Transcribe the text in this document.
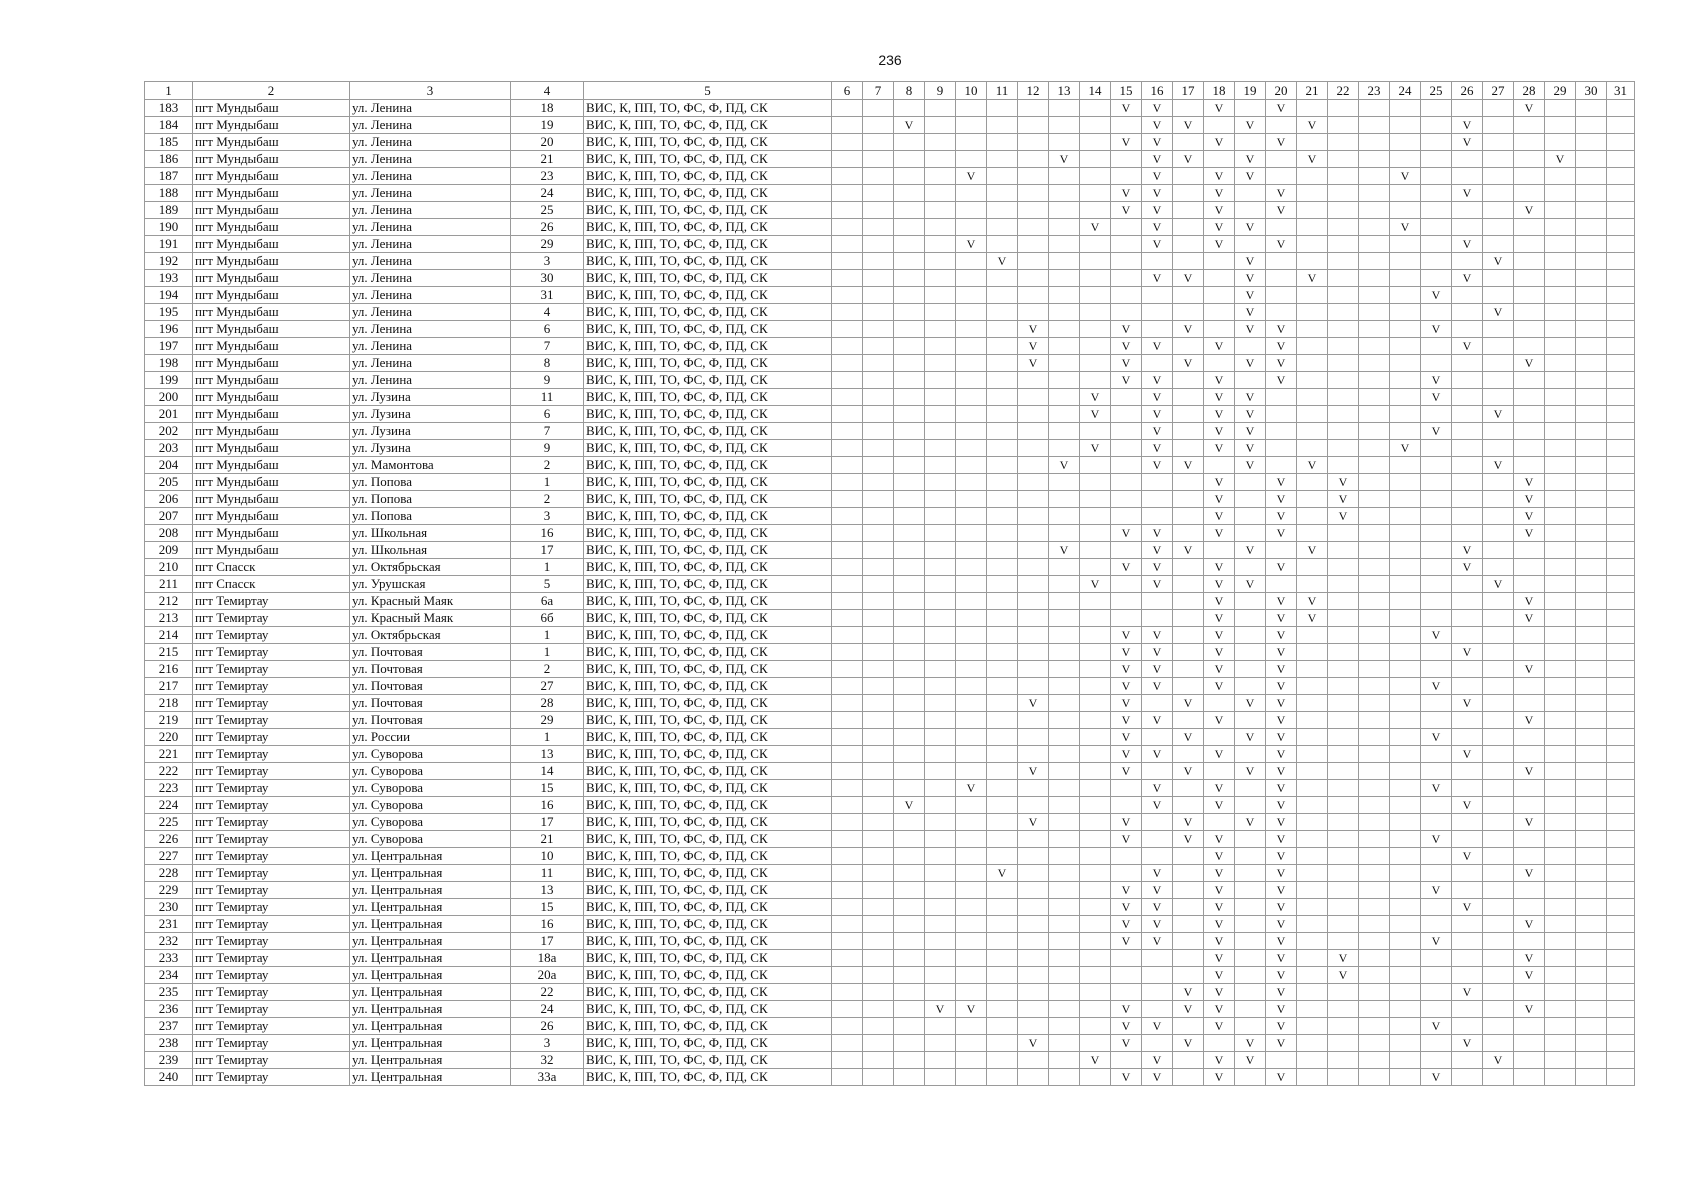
236
1	2	3	4	5	6	7	8	9	10	11	12	13	14	15	16	17	18	19	20	21	22	23	24	25	26	27	28	29	30	31
183	пгт Мундыбаш	ул. Ленина	18	ВИС, К, ПП, ТО, ФС, Ф, ПД, СК										V	V		V		V								V			
184	пгт Мундыбаш	ул. Ленина	19	ВИС, К, ПП, ТО, ФС, Ф, ПД, СК			V								V	V		V		V					V					
185	пгт Мундыбаш	ул. Ленина	20	ВИС, К, ПП, ТО, ФС, Ф, ПД, СК										V	V		V		V						V					
186	пгт Мундыбаш	ул. Ленина	21	ВИС, К, ПП, ТО, ФС, Ф, ПД, СК								V			V	V		V		V								V		
187	пгт Мундыбаш	ул. Ленина	23	ВИС, К, ПП, ТО, ФС, Ф, ПД, СК					V						V		V	V					V							
188	пгт Мундыбаш	ул. Ленина	24	ВИС, К, ПП, ТО, ФС, Ф, ПД, СК										V	V		V		V						V					
189	пгт Мундыбаш	ул. Ленина	25	ВИС, К, ПП, ТО, ФС, Ф, ПД, СК										V	V		V		V								V			
190	пгт Мундыбаш	ул. Ленина	26	ВИС, К, ПП, ТО, ФС, Ф, ПД, СК									V		V		V	V					V							
191	пгт Мундыбаш	ул. Ленина	29	ВИС, К, ПП, ТО, ФС, Ф, ПД, СК					V						V		V		V						V					
192	пгт Мундыбаш	ул. Ленина	3	ВИС, К, ПП, ТО, ФС, Ф, ПД, СК						V								V								V				
193	пгт Мундыбаш	ул. Ленина	30	ВИС, К, ПП, ТО, ФС, Ф, ПД, СК											V	V		V		V					V					
194	пгт Мундыбаш	ул. Ленина	31	ВИС, К, ПП, ТО, ФС, Ф, ПД, СК														V						V						
195	пгт Мундыбаш	ул. Ленина	4	ВИС, К, ПП, ТО, ФС, Ф, ПД, СК														V								V				
196	пгт Мундыбаш	ул. Ленина	6	ВИС, К, ПП, ТО, ФС, Ф, ПД, СК							V			V		V		V	V					V						
197	пгт Мундыбаш	ул. Ленина	7	ВИС, К, ПП, ТО, ФС, Ф, ПД, СК							V			V	V		V		V						V					
198	пгт Мундыбаш	ул. Ленина	8	ВИС, К, ПП, ТО, ФС, Ф, ПД, СК							V			V		V		V	V								V			
199	пгт Мундыбаш	ул. Ленина	9	ВИС, К, ПП, ТО, ФС, Ф, ПД, СК										V	V		V		V					V						
200	пгт Мундыбаш	ул. Лузина	11	ВИС, К, ПП, ТО, ФС, Ф, ПД, СК									V		V		V	V						V						
201	пгт Мундыбаш	ул. Лузина	6	ВИС, К, ПП, ТО, ФС, Ф, ПД, СК									V		V		V	V								V				
202	пгт Мундыбаш	ул. Лузина	7	ВИС, К, ПП, ТО, ФС, Ф, ПД, СК											V		V	V						V						
203	пгт Мундыбаш	ул. Лузина	9	ВИС, К, ПП, ТО, ФС, Ф, ПД, СК									V		V		V	V					V							
204	пгт Мундыбаш	ул. Мамонтова	2	ВИС, К, ПП, ТО, ФС, Ф, ПД, СК								V			V	V		V		V						V				
205	пгт Мундыбаш	ул. Попова	1	ВИС, К, ПП, ТО, ФС, Ф, ПД, СК													V		V		V						V			
206	пгт Мундыбаш	ул. Попова	2	ВИС, К, ПП, ТО, ФС, Ф, ПД, СК													V		V		V						V			
207	пгт Мундыбаш	ул. Попова	3	ВИС, К, ПП, ТО, ФС, Ф, ПД, СК													V		V		V						V			
208	пгт Мундыбаш	ул. Школьная	16	ВИС, К, ПП, ТО, ФС, Ф, ПД, СК										V	V		V		V								V			
209	пгт Мундыбаш	ул. Школьная	17	ВИС, К, ПП, ТО, ФС, Ф, ПД, СК								V			V	V		V		V					V					
210	пгт Спасск	ул. Октябрьская	1	ВИС, К, ПП, ТО, ФС, Ф, ПД, СК										V	V		V		V						V					
211	пгт Спасск	ул. Урушская	5	ВИС, К, ПП, ТО, ФС, Ф, ПД, СК									V		V		V	V								V				
212	пгт Темиртау	ул. Красный Маяк	6а	ВИС, К, ПП, ТО, ФС, Ф, ПД, СК													V		V	V							V			
213	пгт Темиртау	ул. Красный Маяк	6б	ВИС, К, ПП, ТО, ФС, Ф, ПД, СК													V		V	V							V			
214	пгт Темиртау	ул. Октябрьская	1	ВИС, К, ПП, ТО, ФС, Ф, ПД, СК										V	V		V		V					V						
215	пгт Темиртау	ул. Почтовая	1	ВИС, К, ПП, ТО, ФС, Ф, ПД, СК										V	V		V		V						V					
216	пгт Темиртау	ул. Почтовая	2	ВИС, К, ПП, ТО, ФС, Ф, ПД, СК										V	V		V		V								V			
217	пгт Темиртау	ул. Почтовая	27	ВИС, К, ПП, ТО, ФС, Ф, ПД, СК										V	V		V		V					V						
218	пгт Темиртау	ул. Почтовая	28	ВИС, К, ПП, ТО, ФС, Ф, ПД, СК							V			V		V		V	V						V					
219	пгт Темиртау	ул. Почтовая	29	ВИС, К, ПП, ТО, ФС, Ф, ПД, СК										V	V		V		V								V			
220	пгт Темиртау	ул. России	1	ВИС, К, ПП, ТО, ФС, Ф, ПД, СК										V		V		V	V					V						
221	пгт Темиртау	ул. Суворова	13	ВИС, К, ПП, ТО, ФС, Ф, ПД, СК										V	V		V		V						V					
222	пгт Темиртау	ул. Суворова	14	ВИС, К, ПП, ТО, ФС, Ф, ПД, СК							V			V		V		V	V								V			
223	пгт Темиртау	ул. Суворова	15	ВИС, К, ПП, ТО, ФС, Ф, ПД, СК					V						V		V		V					V						
224	пгт Темиртау	ул. Суворова	16	ВИС, К, ПП, ТО, ФС, Ф, ПД, СК			V								V		V		V						V					
225	пгт Темиртау	ул. Суворова	17	ВИС, К, ПП, ТО, ФС, Ф, ПД, СК							V			V		V		V	V								V			
226	пгт Темиртау	ул. Суворова	21	ВИС, К, ПП, ТО, ФС, Ф, ПД, СК										V		V	V		V					V						
227	пгт Темиртау	ул. Центральная	10	ВИС, К, ПП, ТО, ФС, Ф, ПД, СК													V		V						V					
228	пгт Темиртау	ул. Центральная	11	ВИС, К, ПП, ТО, ФС, Ф, ПД, СК						V					V		V		V								V			
229	пгт Темиртау	ул. Центральная	13	ВИС, К, ПП, ТО, ФС, Ф, ПД, СК										V	V		V		V					V						
230	пгт Темиртау	ул. Центральная	15	ВИС, К, ПП, ТО, ФС, Ф, ПД, СК										V	V		V		V						V					
231	пгт Темиртау	ул. Центральная	16	ВИС, К, ПП, ТО, ФС, Ф, ПД, СК										V	V		V		V								V			
232	пгт Темиртау	ул. Центральная	17	ВИС, К, ПП, ТО, ФС, Ф, ПД, СК										V	V		V		V					V						
233	пгт Темиртау	ул. Центральная	18а	ВИС, К, ПП, ТО, ФС, Ф, ПД, СК													V		V		V						V			
234	пгт Темиртау	ул. Центральная	20а	ВИС, К, ПП, ТО, ФС, Ф, ПД, СК													V		V		V						V			
235	пгт Темиртау	ул. Центральная	22	ВИС, К, ПП, ТО, ФС, Ф, ПД, СК												V	V		V						V					
236	пгт Темиртау	ул. Центральная	24	ВИС, К, ПП, ТО, ФС, Ф, ПД, СК				V	V					V		V	V		V								V			
237	пгт Темиртау	ул. Центральная	26	ВИС, К, ПП, ТО, ФС, Ф, ПД, СК										V	V		V		V					V						
238	пгт Темиртау	ул. Центральная	3	ВИС, К, ПП, ТО, ФС, Ф, ПД, СК							V			V		V		V	V						V					
239	пгт Темиртау	ул. Центральная	32	ВИС, К, ПП, ТО, ФС, Ф, ПД, СК									V		V		V	V								V				
240	пгт Темиртау	ул. Центральная	33а	ВИС, К, ПП, ТО, ФС, Ф, ПД, СК										V	V		V		V					V						
